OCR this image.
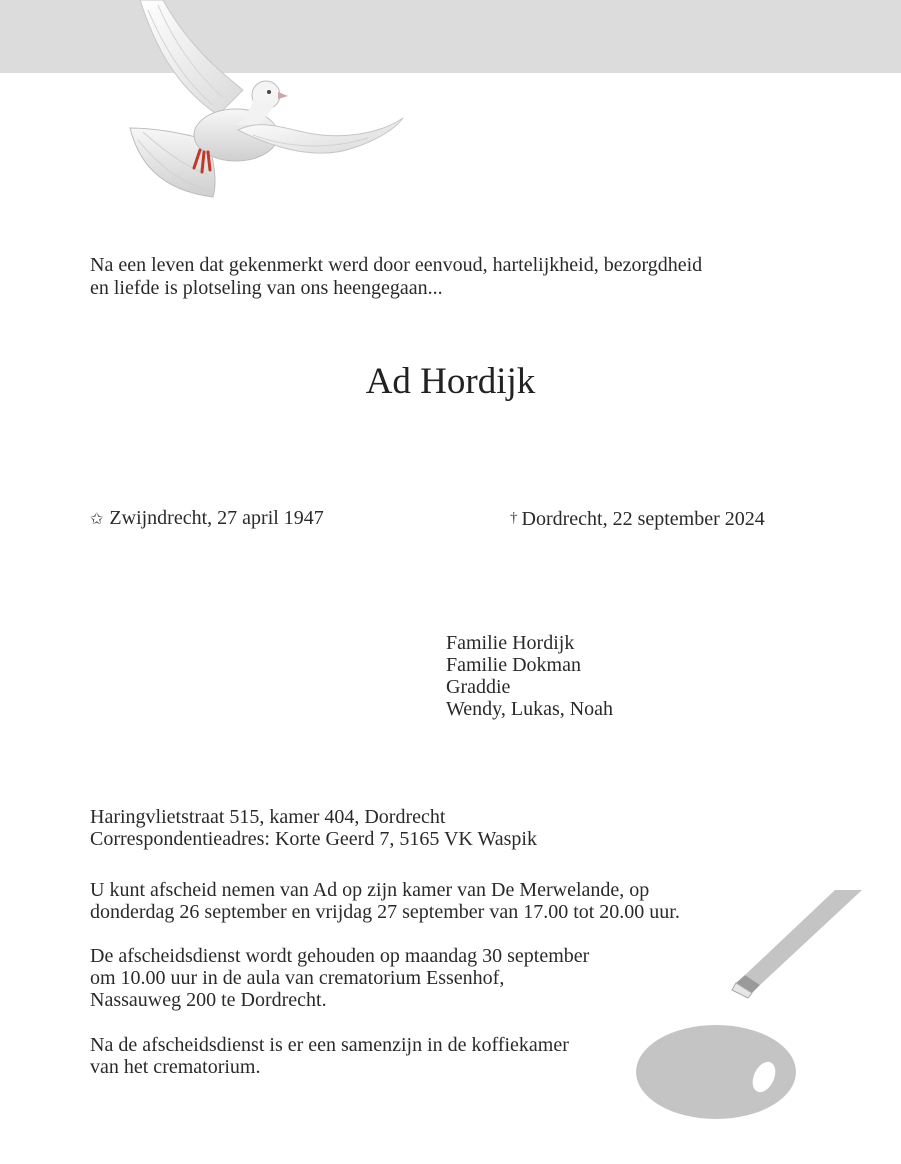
Na een leven dat gekenmerkt werd door eenvoud, hartelijkheid, bezorgdheid
en liefde is plotseling van ons heengegaan...
Ad Hordijk
✩ Zwijndrecht, 27 april 1947	† Dordrecht, 22 september 2024
Familie Hordijk
Familie Dokman
Graddie
Wendy, Lukas, Noah
Haringvlietstraat 515, kamer 404, Dordrecht
Correspondentieadres: Korte Geerd 7, 5165 VK Waspik
U kunt afscheid nemen van Ad op zijn kamer van De Merwelande, op
donderdag 26 september en vrijdag 27 september van 17.00 tot 20.00 uur.
De afscheidsdienst wordt gehouden op maandag 30 september
om 10.00 uur in de aula van crematorium Essenhof,
Nassauweg 200 te Dordrecht.
Na de afscheidsdienst is er een samenzijn in de koffiekamer
van het crematorium.
